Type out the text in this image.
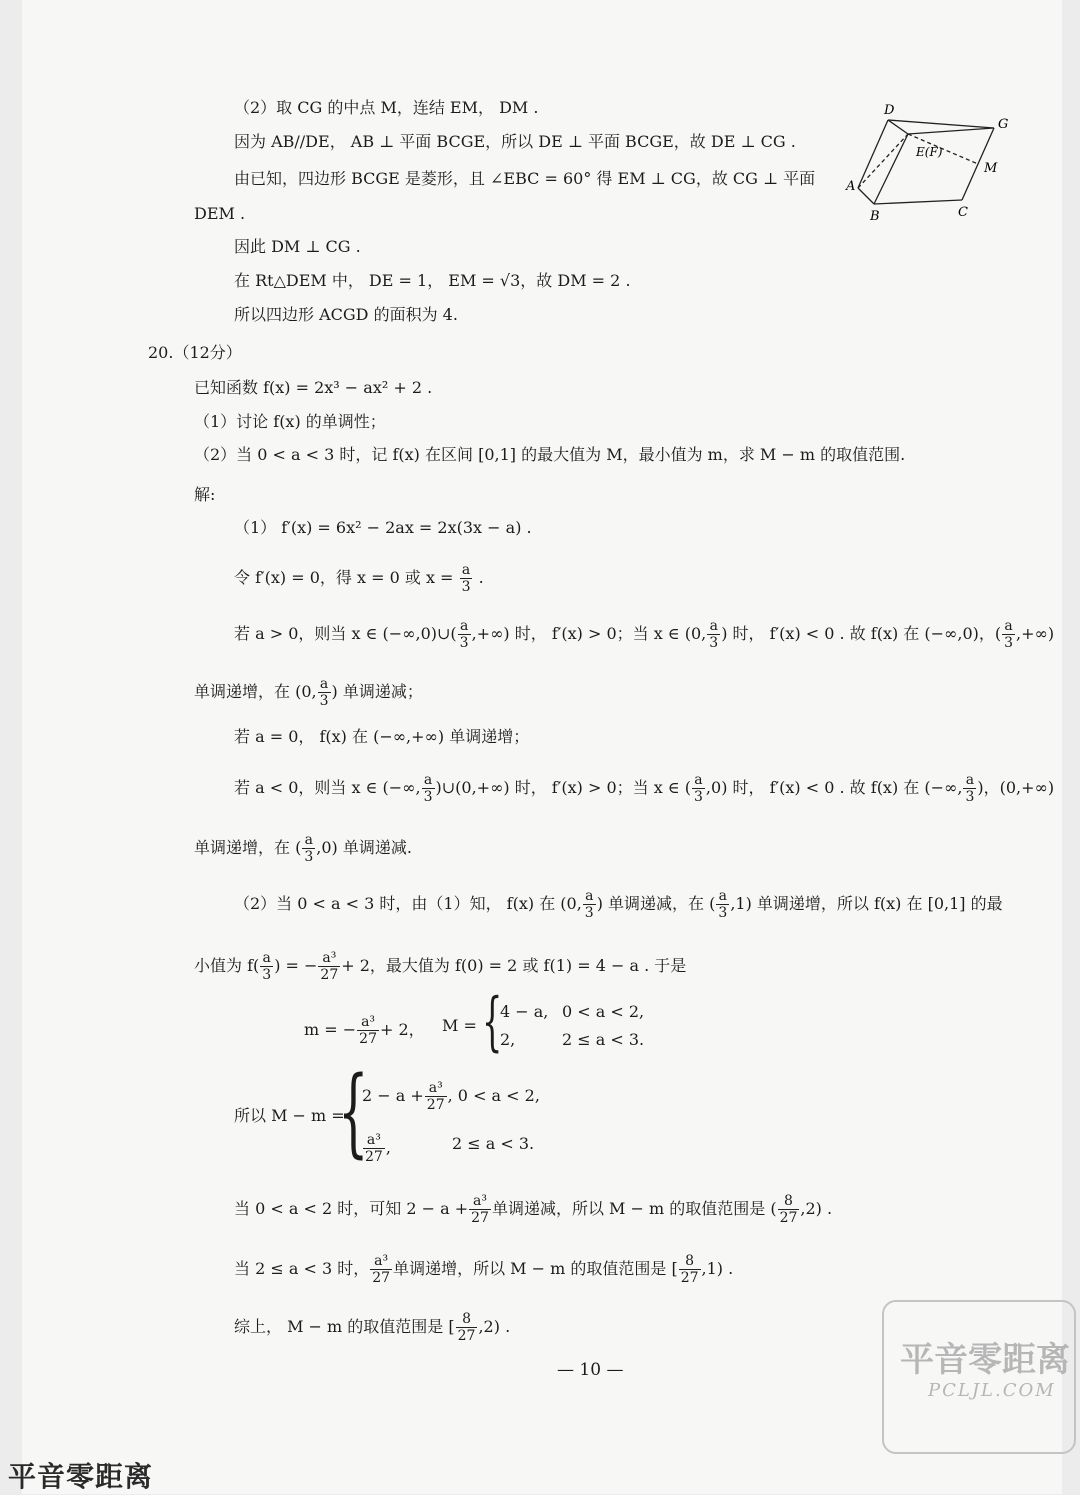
（2）取 CG 的中点 M，连结 EM， DM .
因为 AB//DE， AB ⊥ 平面 BCGE，所以 DE ⊥ 平面 BCGE，故 DE ⊥ CG .
由已知，四边形 BCGE 是菱形，且 ∠EBC = 60° 得 EM ⊥ CG，故 CG ⊥ 平面
DEM .
因此 DM ⊥ CG .
在 Rt△DEM 中， DE = 1， EM = √3，故 DM = 2 .
所以四边形 ACGD 的面积为 4.
D
G
E(F)
M
A
B	C
20.（12分）
已知函数 f(x) = 2x³ − ax² + 2 .
（1）讨论 f(x) 的单调性；
（2）当 0 < a < 3 时，记 f(x) 在区间 [0,1] 的最大值为 M，最小值为 m，求 M − m 的取值范围.
解:
（1） f′(x) = 6x² − 2ax = 2x(3x − a) .
令 f′(x) = 0，得 x = 0 或 $x = \frac{a}{3}$ .
若 a > 0，则当 x ∈ (−∞,0)∪( $\frac{a}{3}$ ,+∞) 时， f′(x) > 0；当 x ∈ (0, $\frac{a}{3}$ ) 时， f′(x) < 0 . 故 f(x) 在 (−∞,0)，( $\frac{a}{3}$ ,+∞)
单调递增，在 (0, $\frac{a}{3}$ ) 单调递减；
若 a = 0， f(x) 在 (−∞,+∞) 单调递增；
若 a < 0，则当 x ∈ (−∞, $\frac{a}{3}$ )∪(0,+∞) 时， f′(x) > 0；当 x ∈ ( $\frac{a}{3} ,0$) 时， f′(x) < 0 . 故 f(x) 在 (−∞, $\frac{a}{3}$ )，(0,+∞)
单调递增，在 ( $\frac{a}{3} ,0$) 单调递减.
（2）当 0 < a < 3 时，由（1）知， f(x) 在 (0, $\frac{a}{3}$ ) 单调递减，在 ( $\frac{a}{3} ,1$) 单调递增，所以 f(x) 在 [0,1] 的最
小值为 $f( \frac{a}{3}$ ) = − $\frac{\text{a³}}{27} + 2$，最大值为 f(0) = 2 或 f(1) = 4 − a . 于是
m = − $\frac{\text{a³}}{27} + 2$， M = {
4 − a, 0 < a < 2,
2,	2 ≤ a < 3.
所以 M − m =
{
$2 - a + \frac{\text{a³}}{27}$ , 0 < a < 2,
$\frac{\text{a³}}{27}$ ,	2 ≤ a < 3.
当 0 < a < 2 时，可知 $2 - a + \frac{\text{a³}}{27}$ 单调递减，所以 M − m 的取值范围是 ( $\frac{8}{27} ,2$) .
当 2 ≤ a < 3 时， $\frac{\text{a³}}{27}$ 单调递增，所以 M − m 的取值范围是 [ $\frac{8}{27} ,1$) .
综上， M − m 的取值范围是 [ $\frac{8}{27} ,2$) .
— 10 —	平音零距离
PCLJL.COM
平音零距离
